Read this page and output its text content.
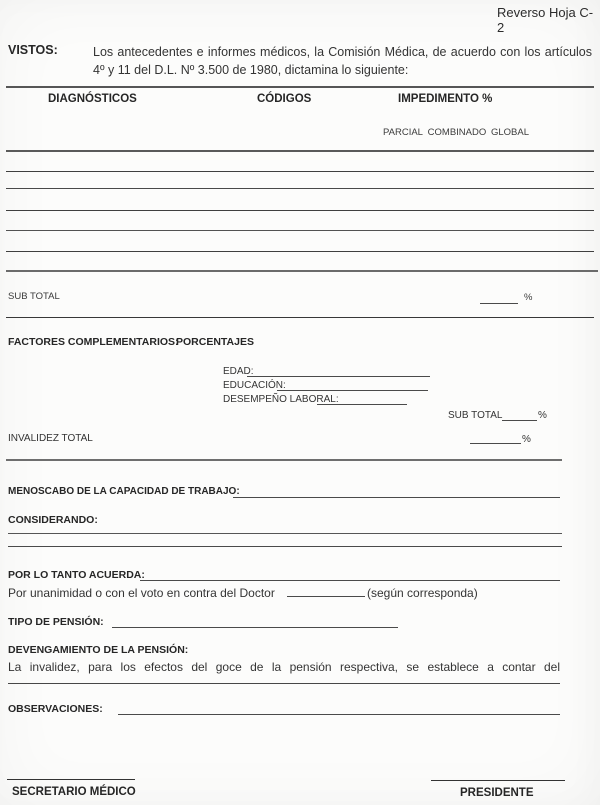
Reverso Hoja C-2
VISTOS:	Los antecedentes e informes médicos, la Comisión Médica, de acuerdo con los artículos
4º y 11 del D.L. Nº 3.500 de 1980, dictamina lo siguiente:
DIAGNÓSTICOS	CÓDIGOS	IMPEDIMENTO %
PARCIAL COMBINADO GLOBAL
SUB TOTAL	%
FACTORES COMPLEMENTARIOS:
PORCENTAJES
EDAD:
EDUCACIÓN:
DESEMPEÑO LABORAL:
SUB TOTAL	%
INVALIDEZ TOTAL	%
MENOSCABO DE LA CAPACIDAD DE TRABAJO:
CONSIDERANDO:
POR LO TANTO ACUERDA:
Por unanimidad o con el voto en contra del Doctor	(según corresponda)
TIPO DE PENSIÓN:
DEVENGAMIENTO DE LA PENSIÓN:
La invalidez, para los efectos del goce de la pensión respectiva, se establece a contar del
OBSERVACIONES:
SECRETARIO MÉDICO	PRESIDENTE
